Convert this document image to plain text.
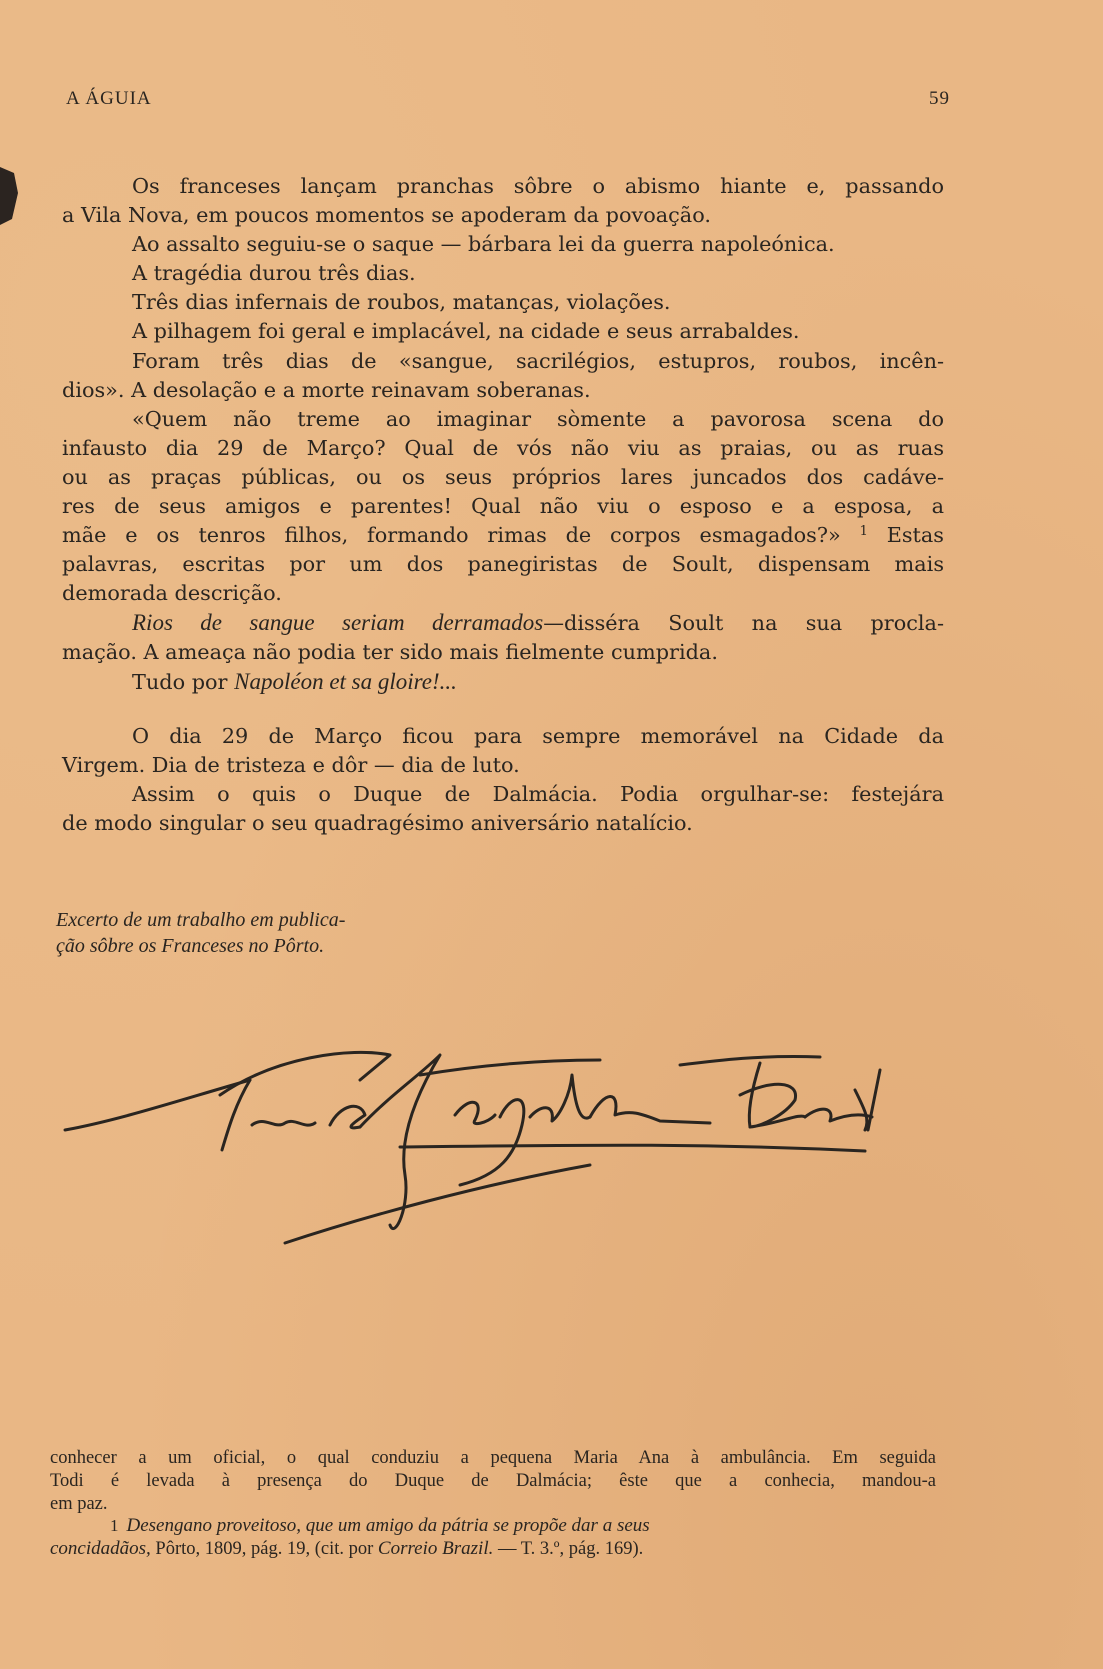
A ÁGUIA	59
Os franceses lançam pranchas sôbre o abismo hiante e, passando
a Vila Nova, em poucos momentos se apoderam da povoação.
Ao assalto seguiu-se o saque — bárbara lei da guerra napoleónica.
A tragédia durou três dias.
Três dias infernais de roubos, matanças, violações.
A pilhagem foi geral e implacável, na cidade e seus arrabaldes.
Foram três dias de «sangue, sacrilégios, estupros, roubos, incên-
dios». A desolação e a morte reinavam soberanas.
«Quem não treme ao imaginar sòmente a pavorosa scena do
infausto dia 29 de Março? Qual de vós não viu as praias, ou as ruas
ou as praças públicas, ou os seus próprios lares juncados dos cadáve-
res de seus amigos e parentes! Qual não viu o esposo e a esposa, a
mãe e os tenros filhos, formando rimas de corpos esmagados?» $^1$ Estas
palavras, escritas por um dos panegiristas de Soult, dispensam mais
demorada descrição.
Rios de sangue seriam derramados—disséra Soult na sua procla-
mação. A ameaça não podia ter sido mais fielmente cumprida.
Tudo por Napoléon et sa gloire!...
O dia 29 de Março ficou para sempre memorável na Cidade da
Virgem. Dia de tristeza e dôr — dia de luto.
Assim o quis o Duque de Dalmácia. Podia orgulhar-se: festejára
de modo singular o seu quadragésimo aniversário natalício.
Excerto de um trabalho em publica-
ção sôbre os Franceses no Pôrto.
conhecer a um oficial, o qual conduziu a pequena Maria Ana à ambulância. Em seguida
Todi é levada à presença do Duque de Dalmácia; êste que a conhecia, mandou-a
em paz.
1 Desengano proveitoso, que um amigo da pátria se propõe dar a seus
concidadãos, Pôrto, 1809, pág. 19, (cit. por Correio Brazil. — T. 3.º, pág. 169).
